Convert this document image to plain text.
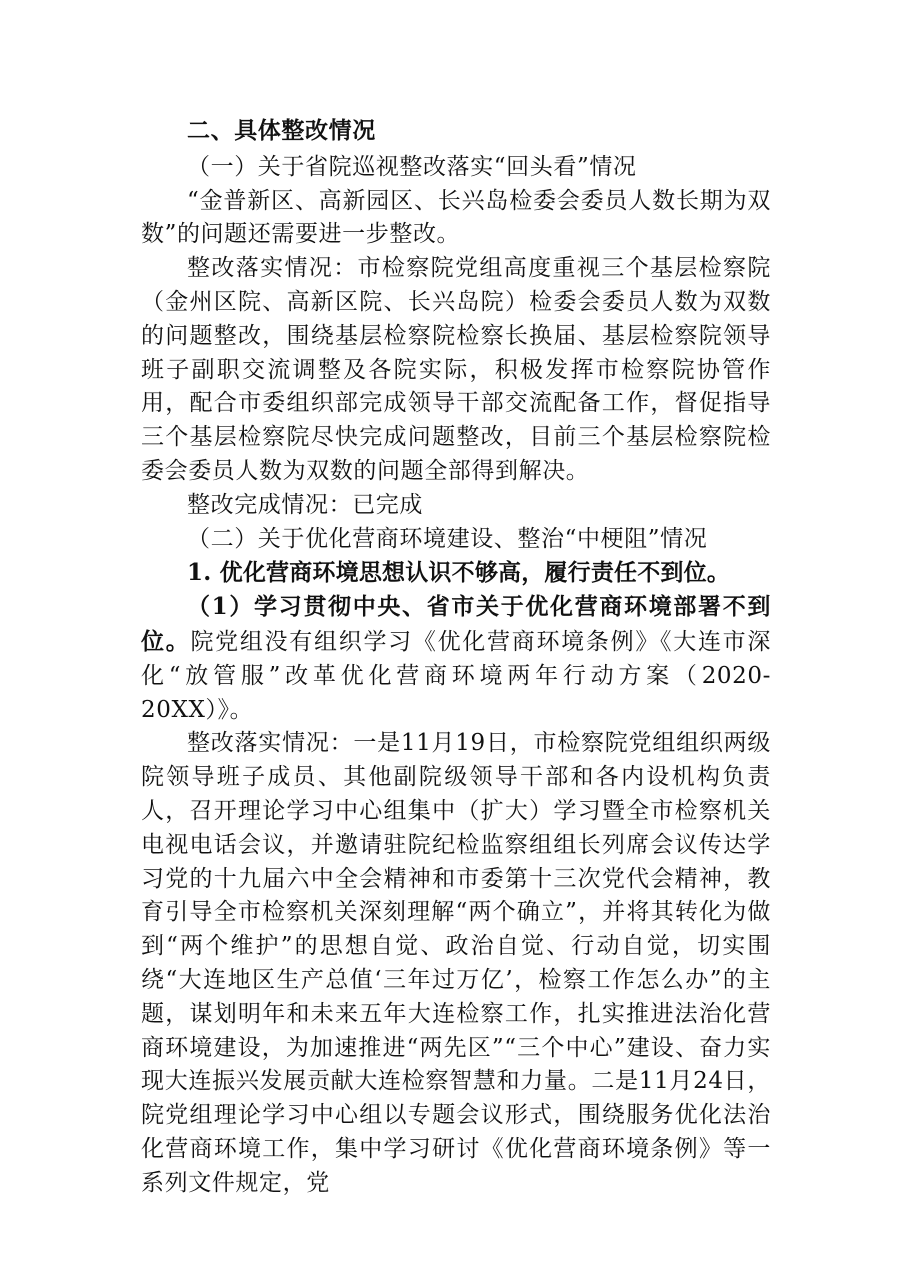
二、具体整改情况

（一）关于省院巡视整改落实“回头看”情况

“金普新区、高新园区、长兴岛检委会委员人数长期为双数”的问题还需要进一步整改。

整改落实情况：市检察院党组高度重视三个基层检察院（金州区院、高新区院、长兴岛院）检委会委员人数为双数的问题整改，围绕基层检察院检察长换届、基层检察院领导班子副职交流调整及各院实际，积极发挥市检察院协管作用，配合市委组织部完成领导干部交流配备工作，督促指导三个基层检察院尽快完成问题整改，目前三个基层检察院检委会委员人数为双数的问题全部得到解决。

整改完成情况：已完成

（二）关于优化营商环境建设、整治“中梗阻”情况

1. 优化营商环境思想认识不够高，履行责任不到位。

（1）学习贯彻中央、省市关于优化营商环境部署不到位。院党组没有组织学习《优化营商环境条例》《大连市深化“放管服”改革优化营商环境两年行动方案（2020-20XX）》。

整改落实情况：一是11月19日，市检察院党组组织两级院领导班子成员、其他副院级领导干部和各内设机构负责人，召开理论学习中心组集中（扩大）学习暨全市检察机关电视电话会议，并邀请驻院纪检监察组组长列席会议传达学习党的十九届六中全会精神和市委第十三次党代会精神，教育引导全市检察机关深刻理解“两个确立”，并将其转化为做到“两个维护”的思想自觉、政治自觉、行动自觉，切实围绕“大连地区生产总值‘三年过万亿’，检察工作怎么办”的主题，谋划明年和未来五年大连检察工作，扎实推进法治化营商环境建设，为加速推进“两先区”“三个中心”建设、奋力实现大连振兴发展贡献大连检察智慧和力量。二是11月24日，院党组理论学习中心组以专题会议形式，围绕服务优化法治化营商环境工作，集中学习研讨《优化营商环境条例》等一系列文件规定，党
